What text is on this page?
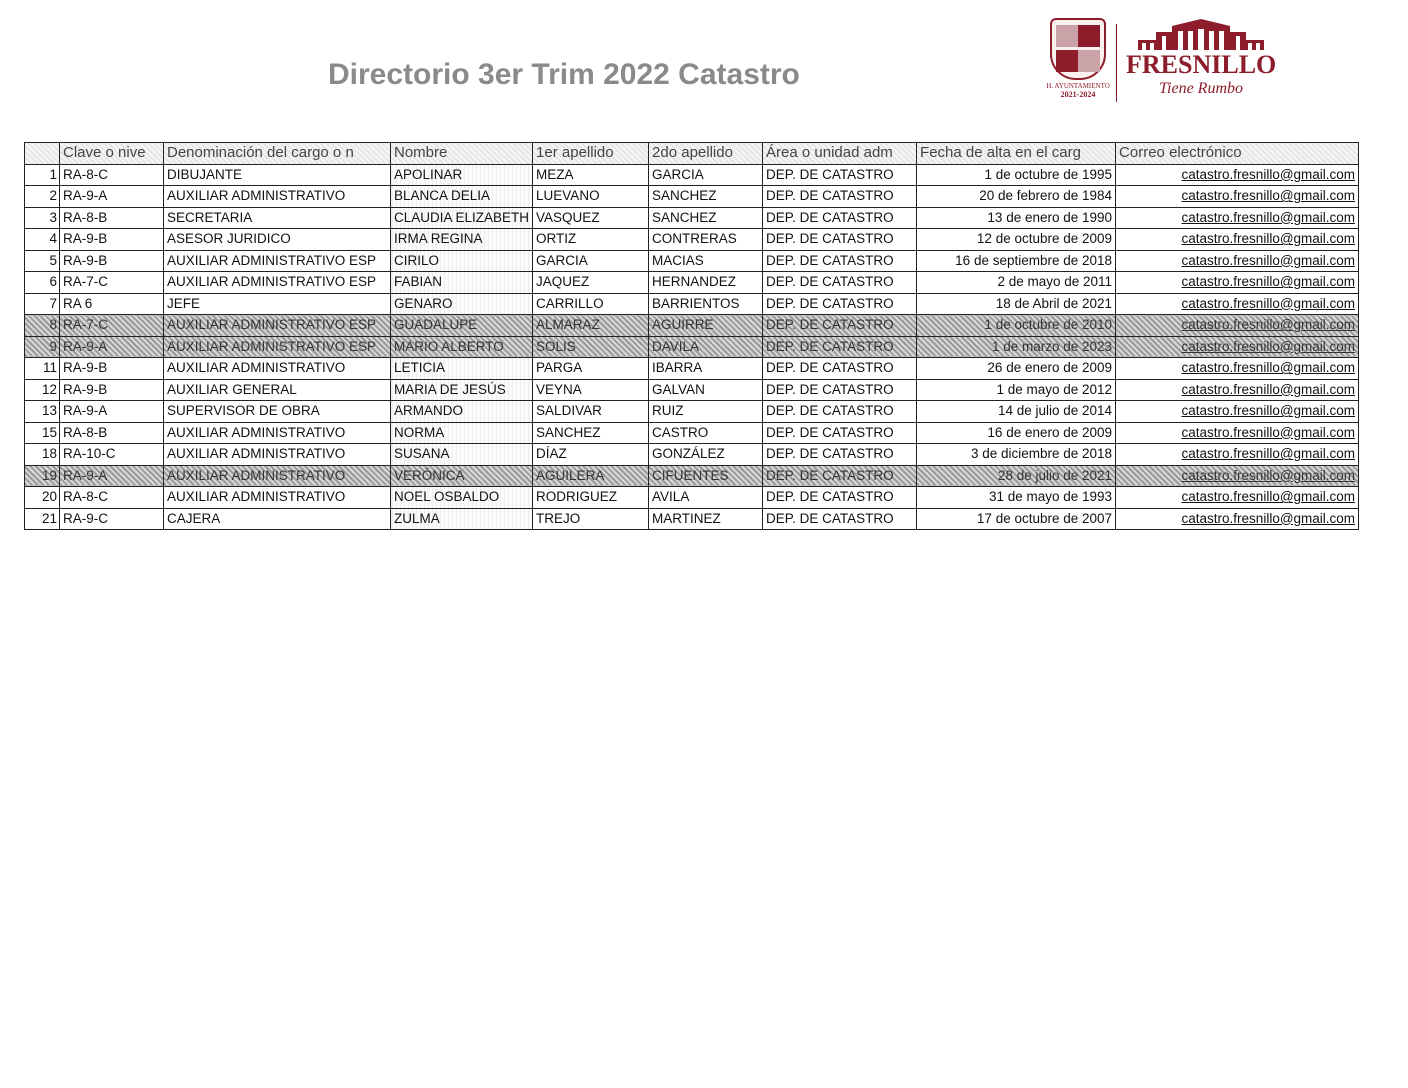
Directorio 3er Trim 2022 Catastro	H. AYUNTAMIENTO
2021-2024
FRESNILLO
Tiene Rumbo
	Clave o nive	Denominación del cargo o n	Nombre	1er apellido	2do apellido	Área o unidad adm	Fecha de alta en el carg	Correo electrónico
1	RA-8-C	DIBUJANTE	APOLINAR	MEZA	GARCIA	DEP. DE CATASTRO	1 de octubre de 1995	catastro.fresnillo@gmail.com
2	RA-9-A	AUXILIAR ADMINISTRATIVO	BLANCA DELIA	LUEVANO	SANCHEZ	DEP. DE CATASTRO	20 de febrero de 1984	catastro.fresnillo@gmail.com
3	RA-8-B	SECRETARIA	CLAUDIA ELIZABETH	VASQUEZ	SANCHEZ	DEP. DE CATASTRO	13 de enero de 1990	catastro.fresnillo@gmail.com
4	RA-9-B	ASESOR JURIDICO	IRMA REGINA	ORTIZ	CONTRERAS	DEP. DE CATASTRO	12 de octubre de 2009	catastro.fresnillo@gmail.com
5	RA-9-B	AUXILIAR ADMINISTRATIVO ESP	CIRILO	GARCIA	MACIAS	DEP. DE CATASTRO	16 de septiembre de 2018	catastro.fresnillo@gmail.com
6	RA-7-C	AUXILIAR ADMINISTRATIVO ESP	FABIAN	JAQUEZ	HERNANDEZ	DEP. DE CATASTRO	2 de mayo de 2011	catastro.fresnillo@gmail.com
7	RA 6	JEFE	GENARO	CARRILLO	BARRIENTOS	DEP. DE CATASTRO	18 de Abril de 2021	catastro.fresnillo@gmail.com
8	RA-7-C	AUXILIAR ADMINISTRATIVO ESP	GUADALUPE	ALMARAZ	AGUIRRE	DEP. DE CATASTRO	1 de octubre de 2010	catastro.fresnillo@gmail.com
9	RA-9-A	AUXILIAR ADMINISTRATIVO ESP	MARIO ALBERTO	SOLIS	DAVILA	DEP. DE CATASTRO	1 de marzo de 2023	catastro.fresnillo@gmail.com
11	RA-9-B	AUXILIAR ADMINISTRATIVO	LETICIA	PARGA	IBARRA	DEP. DE CATASTRO	26 de enero de 2009	catastro.fresnillo@gmail.com
12	RA-9-B	AUXILIAR GENERAL	MARIA DE JESÚS	VEYNA	GALVAN	DEP. DE CATASTRO	1 de mayo de 2012	catastro.fresnillo@gmail.com
13	RA-9-A	SUPERVISOR DE OBRA	ARMANDO	SALDIVAR	RUIZ	DEP. DE CATASTRO	14 de julio de 2014	catastro.fresnillo@gmail.com
15	RA-8-B	AUXILIAR ADMINISTRATIVO	NORMA	SANCHEZ	CASTRO	DEP. DE CATASTRO	16 de enero de 2009	catastro.fresnillo@gmail.com
18	RA-10-C	AUXILIAR ADMINISTRATIVO	SUSANA	DÍAZ	GONZÁLEZ	DEP. DE CATASTRO	3 de diciembre de 2018	catastro.fresnillo@gmail.com
19	RA-9-A	AUXILIAR ADMINISTRATIVO	VERÓNICA	AGUILERA	CIFUENTES	DEP. DE CATASTRO	28 de julio de 2021	catastro.fresnillo@gmail.com
20	RA-8-C	AUXILIAR ADMINISTRATIVO	NOEL OSBALDO	RODRIGUEZ	AVILA	DEP. DE CATASTRO	31 de mayo de 1993	catastro.fresnillo@gmail.com
21	RA-9-C	CAJERA	ZULMA	TREJO	MARTINEZ	DEP. DE CATASTRO	17 de octubre de 2007	catastro.fresnillo@gmail.com
